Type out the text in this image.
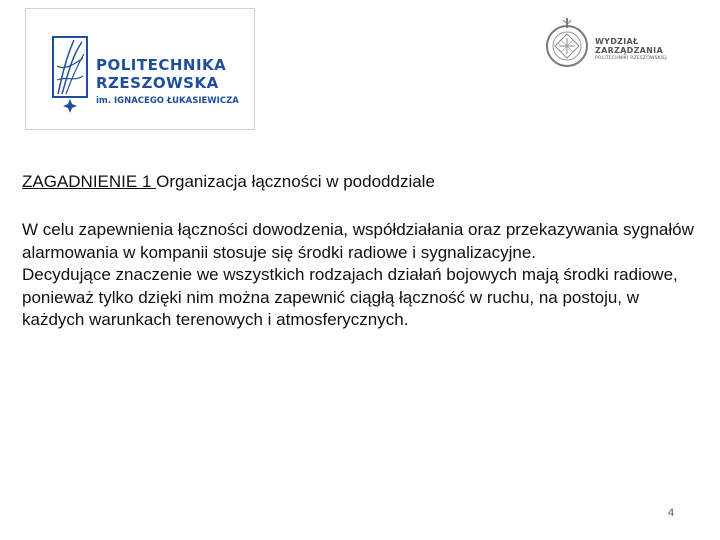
POLITECHNIKA
RZESZOWSKA
im. IGNACEGO ŁUKASIEWICZA
WYDZIAŁ
ZARZĄDZANIA
POLITECHNIKI RZESZOWSKIEJ
ZAGADNIENIE 1 Organizacja łączności w pododdziale

W celu zapewnienia łączności dowodzenia, współdziałania oraz przekazywania sygnałów alarmowania w kompanii stosuje się środki radiowe i sygnalizacyjne.

Decydujące znaczenie we wszystkich rodzajach działań bojowych mają środki radiowe, ponieważ tylko dzięki nim można zapewnić ciągłą łączność w ruchu, na postoju, w każdych warunkach terenowych i atmosferycznych.

4
